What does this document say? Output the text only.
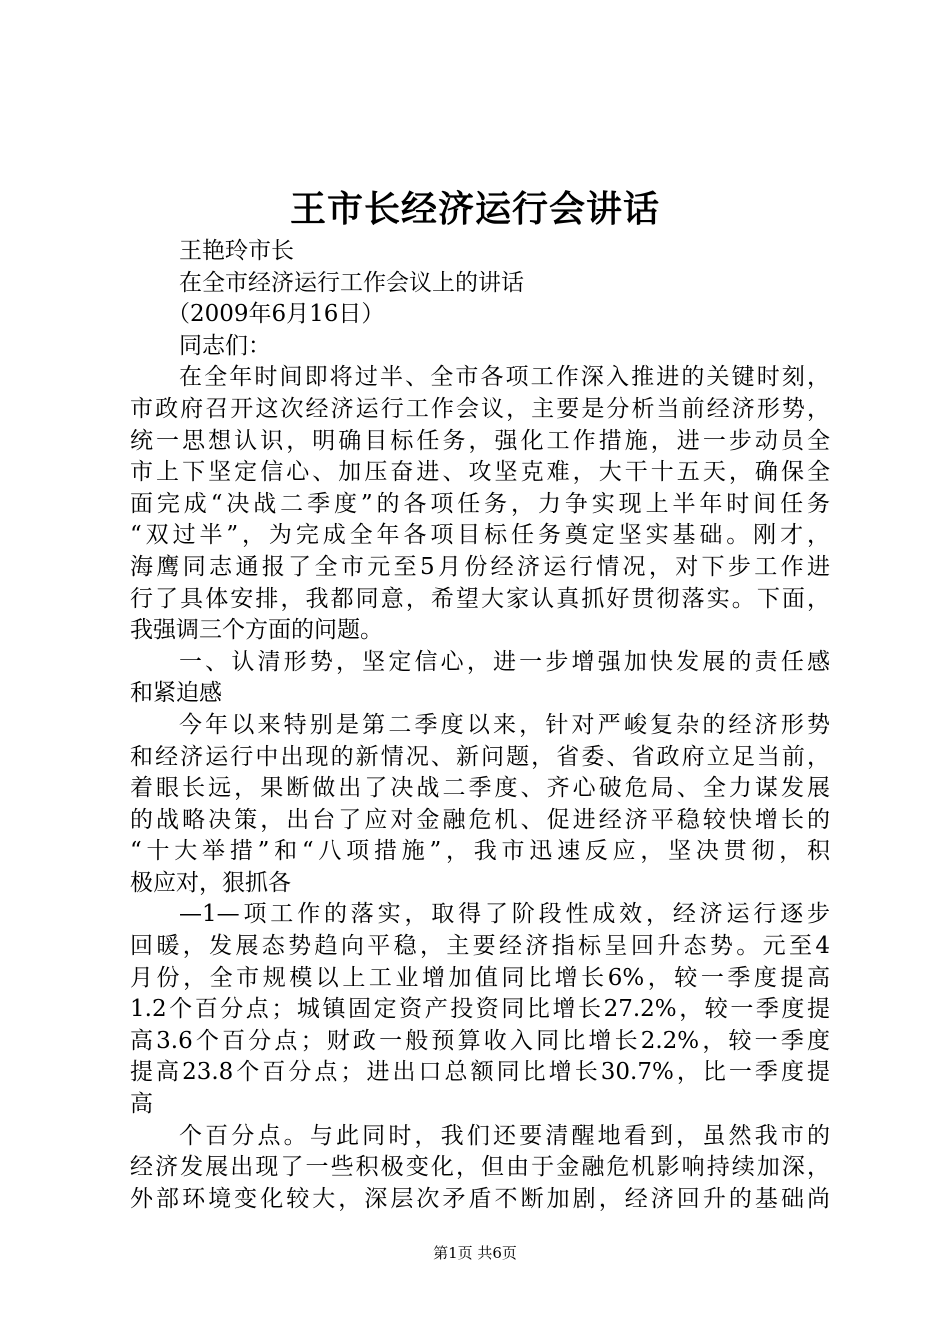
王市长经济运行会讲话
王艳玲市长
在全市经济运行工作会议上的讲话
（2009年6月16日）
同志们：
在全年时间即将过半、全市各项工作深入推进的关键时刻，
市政府召开这次经济运行工作会议，主要是分析当前经济形势，
统一思想认识，明确目标任务，强化工作措施，进一步动员全
市上下坚定信心、加压奋进、攻坚克难，大干十五天，确保全
面完成“决战二季度”的各项任务，力争实现上半年时间任务
“双过半”，为完成全年各项目标任务奠定坚实基础。刚才，
海鹰同志通报了全市元至5月份经济运行情况，对下步工作进
行了具体安排，我都同意，希望大家认真抓好贯彻落实。下面，
我强调三个方面的问题。
一、认清形势，坚定信心，进一步增强加快发展的责任感
和紧迫感
今年以来特别是第二季度以来，针对严峻复杂的经济形势
和经济运行中出现的新情况、新问题，省委、省政府立足当前，
着眼长远，果断做出了决战二季度、齐心破危局、全力谋发展
的战略决策，出台了应对金融危机、促进经济平稳较快增长的
“十大举措”和“八项措施”，我市迅速反应，坚决贯彻，积
极应对，狠抓各
—1—项工作的落实，取得了阶段性成效，经济运行逐步
回暖，发展态势趋向平稳，主要经济指标呈回升态势。元至4
月份，全市规模以上工业增加值同比增长6%，较一季度提高
1.2个百分点；城镇固定资产投资同比增长27.2%，较一季度提
高3.6个百分点；财政一般预算收入同比增长2.2%，较一季度
提高23.8个百分点；进出口总额同比增长30.7%，比一季度提
高
个百分点。与此同时，我们还要清醒地看到，虽然我市的
经济发展出现了一些积极变化，但由于金融危机影响持续加深，
外部环境变化较大，深层次矛盾不断加剧，经济回升的基础尚
第1页 共6页
